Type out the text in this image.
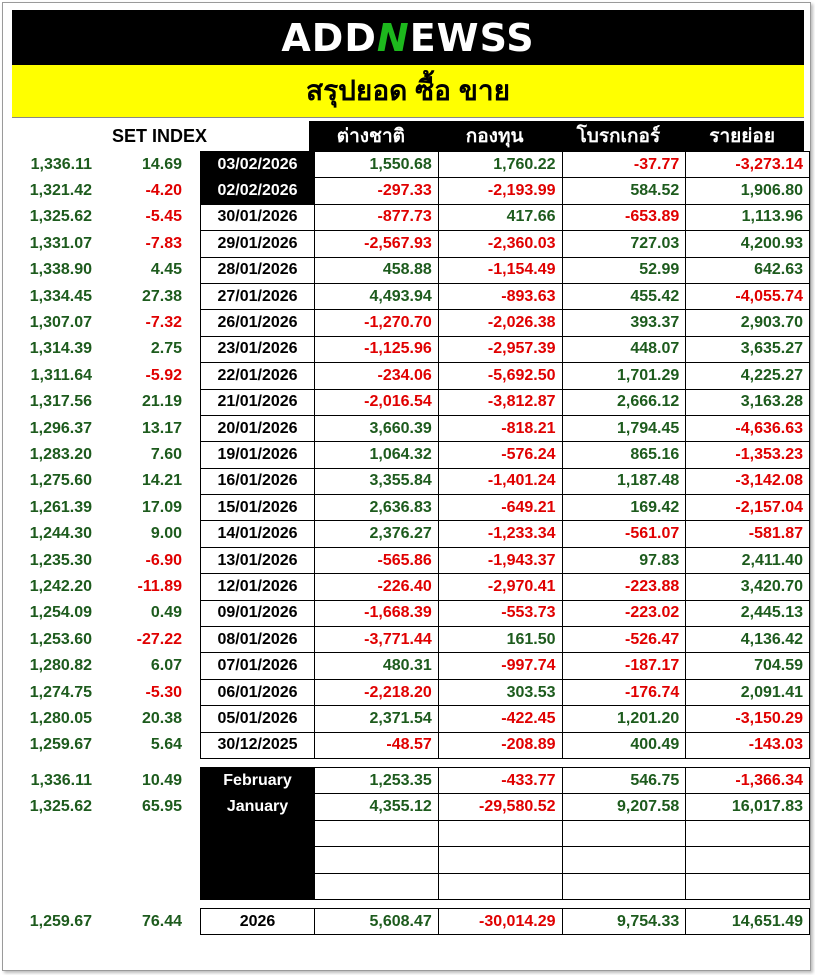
ADDNEWSS
สรุปยอด ซื้อ ขาย
SET INDEX	ต่างชาติ	กองทุน	โบรกเกอร์	รายย่อย
1,336.11	14.69		03/02/2026	1,550.68	1,760.22	-37.77	-3,273.14
1,321.42	-4.20		02/02/2026	-297.33	-2,193.99	584.52	1,906.80
1,325.62	-5.45		30/01/2026	-877.73	417.66	-653.89	1,113.96
1,331.07	-7.83		29/01/2026	-2,567.93	-2,360.03	727.03	4,200.93
1,338.90	4.45		28/01/2026	458.88	-1,154.49	52.99	642.63
1,334.45	27.38		27/01/2026	4,493.94	-893.63	455.42	-4,055.74
1,307.07	-7.32		26/01/2026	-1,270.70	-2,026.38	393.37	2,903.70
1,314.39	2.75		23/01/2026	-1,125.96	-2,957.39	448.07	3,635.27
1,311.64	-5.92		22/01/2026	-234.06	-5,692.50	1,701.29	4,225.27
1,317.56	21.19		21/01/2026	-2,016.54	-3,812.87	2,666.12	3,163.28
1,296.37	13.17		20/01/2026	3,660.39	-818.21	1,794.45	-4,636.63
1,283.20	7.60		19/01/2026	1,064.32	-576.24	865.16	-1,353.23
1,275.60	14.21		16/01/2026	3,355.84	-1,401.24	1,187.48	-3,142.08
1,261.39	17.09		15/01/2026	2,636.83	-649.21	169.42	-2,157.04
1,244.30	9.00		14/01/2026	2,376.27	-1,233.34	-561.07	-581.87
1,235.30	-6.90		13/01/2026	-565.86	-1,943.37	97.83	2,411.40
1,242.20	-11.89		12/01/2026	-226.40	-2,970.41	-223.88	3,420.70
1,254.09	0.49		09/01/2026	-1,668.39	-553.73	-223.02	2,445.13
1,253.60	-27.22		08/01/2026	-3,771.44	161.50	-526.47	4,136.42
1,280.82	6.07		07/01/2026	480.31	-997.74	-187.17	704.59
1,274.75	-5.30		06/01/2026	-2,218.20	303.53	-176.74	2,091.41
1,280.05	20.38		05/01/2026	2,371.54	-422.45	1,201.20	-3,150.29
1,259.67	5.64		30/12/2025	-48.57	-208.89	400.49	-143.03

1,336.11	10.49		February	1,253.35	-433.77	546.75	-1,366.34
1,325.62	65.95		January	4,355.12	-29,580.52	9,207.58	16,017.83

1,259.67	76.44		2026	5,608.47	-30,014.29	9,754.33	14,651.49
